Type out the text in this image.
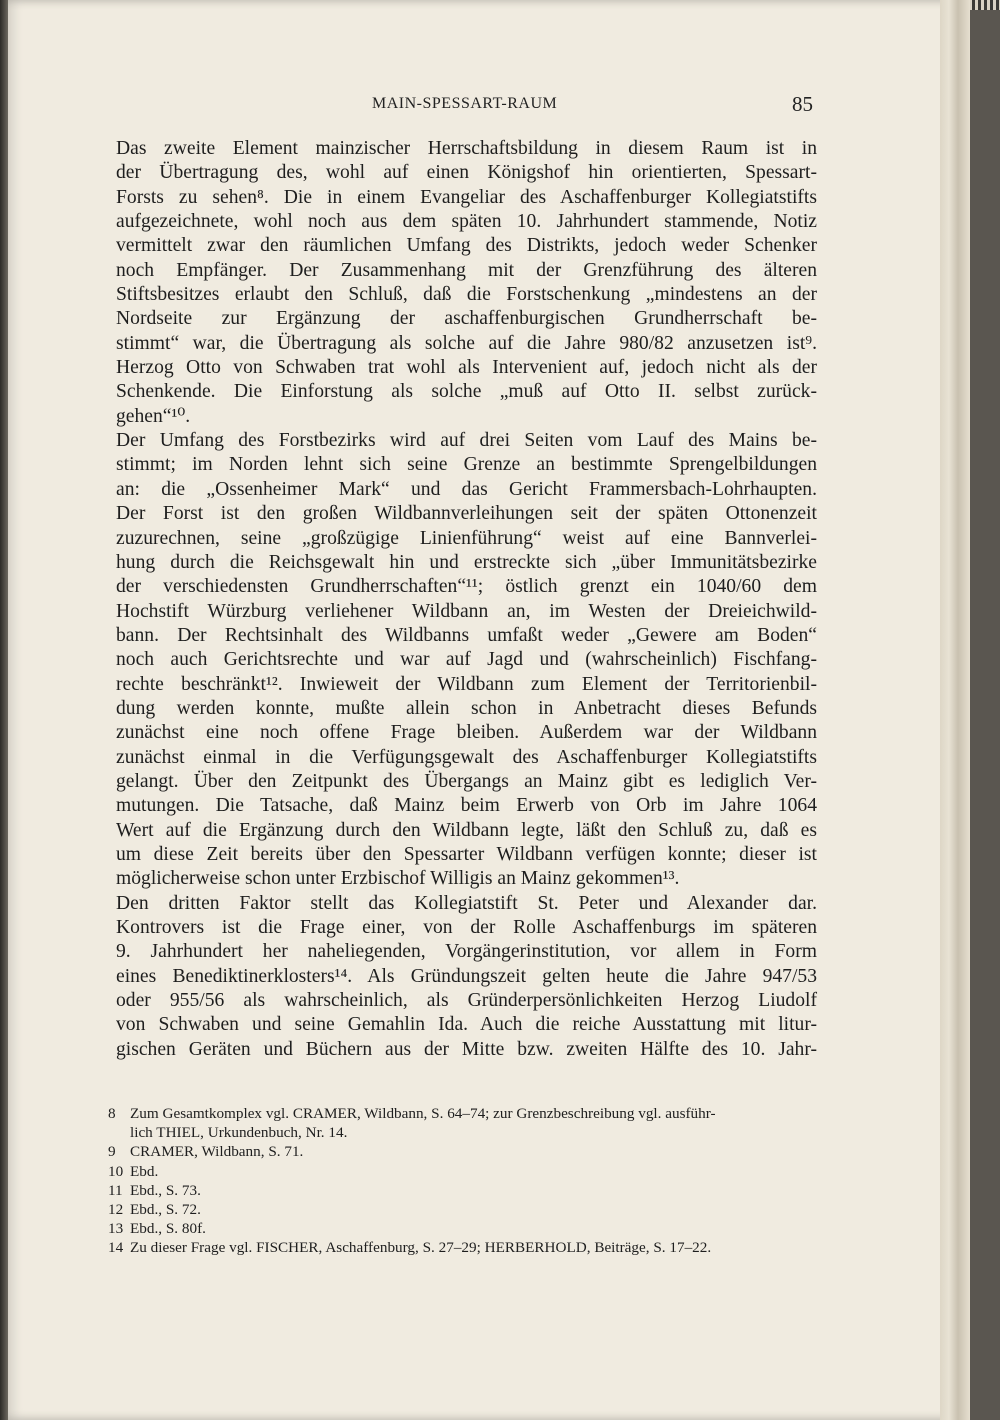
MAIN-SPESSART-RAUM	85
Das zweite Element mainzischer Herrschaftsbildung in diesem Raum ist in
der Übertragung des, wohl auf einen Königshof hin orientierten, Spessart-
Forsts zu sehen⁸. Die in einem Evangeliar des Aschaffenburger Kollegiatstifts
aufgezeichnete, wohl noch aus dem späten 10. Jahrhundert stammende, Notiz
vermittelt zwar den räumlichen Umfang des Distrikts, jedoch weder Schenker
noch Empfänger. Der Zusammenhang mit der Grenzführung des älteren
Stiftsbesitzes erlaubt den Schluß, daß die Forstschenkung „mindestens an der
Nordseite zur Ergänzung der aschaffenburgischen Grundherrschaft be-
stimmt“ war, die Übertragung als solche auf die Jahre 980/82 anzusetzen ist⁹.
Herzog Otto von Schwaben trat wohl als Intervenient auf, jedoch nicht als der
Schenkende. Die Einforstung als solche „muß auf Otto II. selbst zurück-
gehen“¹⁰.
Der Umfang des Forstbezirks wird auf drei Seiten vom Lauf des Mains be-
stimmt; im Norden lehnt sich seine Grenze an bestimmte Sprengelbildungen
an: die „Ossenheimer Mark“ und das Gericht Frammersbach-Lohrhaupten.
Der Forst ist den großen Wildbannverleihungen seit der späten Ottonenzeit
zuzurechnen, seine „großzügige Linienführung“ weist auf eine Bannverlei-
hung durch die Reichsgewalt hin und erstreckte sich „über Immunitätsbezirke
der verschiedensten Grundherrschaften“¹¹; östlich grenzt ein 1040/60 dem
Hochstift Würzburg verliehener Wildbann an, im Westen der Dreieichwild-
bann. Der Rechtsinhalt des Wildbanns umfaßt weder „Gewere am Boden“
noch auch Gerichtsrechte und war auf Jagd und (wahrscheinlich) Fischfang-
rechte beschränkt¹². Inwieweit der Wildbann zum Element der Territorienbil-
dung werden konnte, mußte allein schon in Anbetracht dieses Befunds
zunächst eine noch offene Frage bleiben. Außerdem war der Wildbann
zunächst einmal in die Verfügungsgewalt des Aschaffenburger Kollegiatstifts
gelangt. Über den Zeitpunkt des Übergangs an Mainz gibt es lediglich Ver-
mutungen. Die Tatsache, daß Mainz beim Erwerb von Orb im Jahre 1064
Wert auf die Ergänzung durch den Wildbann legte, läßt den Schluß zu, daß es
um diese Zeit bereits über den Spessarter Wildbann verfügen konnte; dieser ist
möglicherweise schon unter Erzbischof Willigis an Mainz gekommen¹³.
Den dritten Faktor stellt das Kollegiatstift St. Peter und Alexander dar.
Kontrovers ist die Frage einer, von der Rolle Aschaffenburgs im späteren
9. Jahrhundert her naheliegenden, Vorgängerinstitution, vor allem in Form
eines Benediktinerklosters¹⁴. Als Gründungszeit gelten heute die Jahre 947/53
oder 955/56 als wahrscheinlich, als Gründerpersönlichkeiten Herzog Liudolf
von Schwaben und seine Gemahlin Ida. Auch die reiche Ausstattung mit litur-
gischen Geräten und Büchern aus der Mitte bzw. zweiten Hälfte des 10. Jahr-
8 Zum Gesamtkomplex vgl. CRAMER, Wildbann, S. 64–74; zur Grenzbeschreibung vgl. ausführ-
lich THIEL, Urkundenbuch, Nr. 14.
9 CRAMER, Wildbann, S. 71.
10 Ebd.
11 Ebd., S. 73.
12 Ebd., S. 72.
13 Ebd., S. 80f.
14 Zu dieser Frage vgl. FISCHER, Aschaffenburg, S. 27–29; HERBERHOLD, Beiträge, S. 17–22.
